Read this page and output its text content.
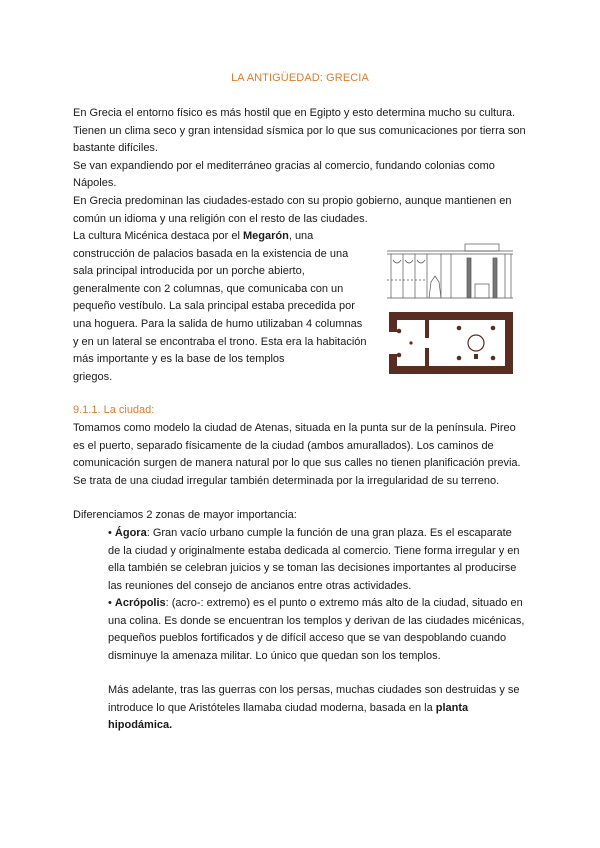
LA ANTIGÜEDAD: GRECIA
En Grecia el entorno físico es más hostil que en Egipto y esto determina mucho su cultura.
Tienen un clima seco y gran intensidad sísmica por lo que sus comunicaciones por tierra son
bastante difíciles.
Se van expandiendo por el mediterráneo gracias al comercio, fundando colonias como
Nápoles.
En Grecia predominan las ciudades-estado con su propio gobierno, aunque mantienen en
común un idioma y una religión con el resto de las ciudades.
La cultura Micénica destaca por el Megarón, una
construcción de palacios basada en la existencia de una
sala principal introducida por un porche abierto,
generalmente con 2 columnas, que comunicaba con un
pequeño vestíbulo. La sala principal estaba precedida por
una hoguera. Para la salida de humo utilizaban 4 columnas
y en un lateral se encontraba el trono. Esta era la habitación
más importante y es la base de los templos
griegos.
9.1.1. La ciudad:
Tomamos como modelo la ciudad de Atenas, situada en la punta sur de la península. Pireo
es el puerto, separado físicamente de la ciudad (ambos amurallados). Los caminos de
comunicación surgen de manera natural por lo que sus calles no tienen planificación previa.
Se trata de una ciudad irregular también determinada por la irregularidad de su terreno.
Diferenciamos 2 zonas de mayor importancia:
• Ágora: Gran vacío urbano cumple la función de una gran plaza. Es el escaparate
de la ciudad y originalmente estaba dedicada al comercio. Tiene forma irregular y en
ella también se celebran juicios y se toman las decisiones importantes al producirse
las reuniones del consejo de ancianos entre otras actividades.
• Acrópolis: (acro-: extremo) es el punto o extremo más alto de la ciudad, situado en
una colina. Es donde se encuentran los templos y derivan de las ciudades micénicas,
pequeños pueblos fortificados y de difícil acceso que se van despoblando cuando
disminuye la amenaza militar. Lo único que quedan son los templos.
Más adelante, tras las guerras con los persas, muchas ciudades son destruidas y se
introduce lo que Aristóteles llamaba ciudad moderna, basada en la planta
hipodámica.
